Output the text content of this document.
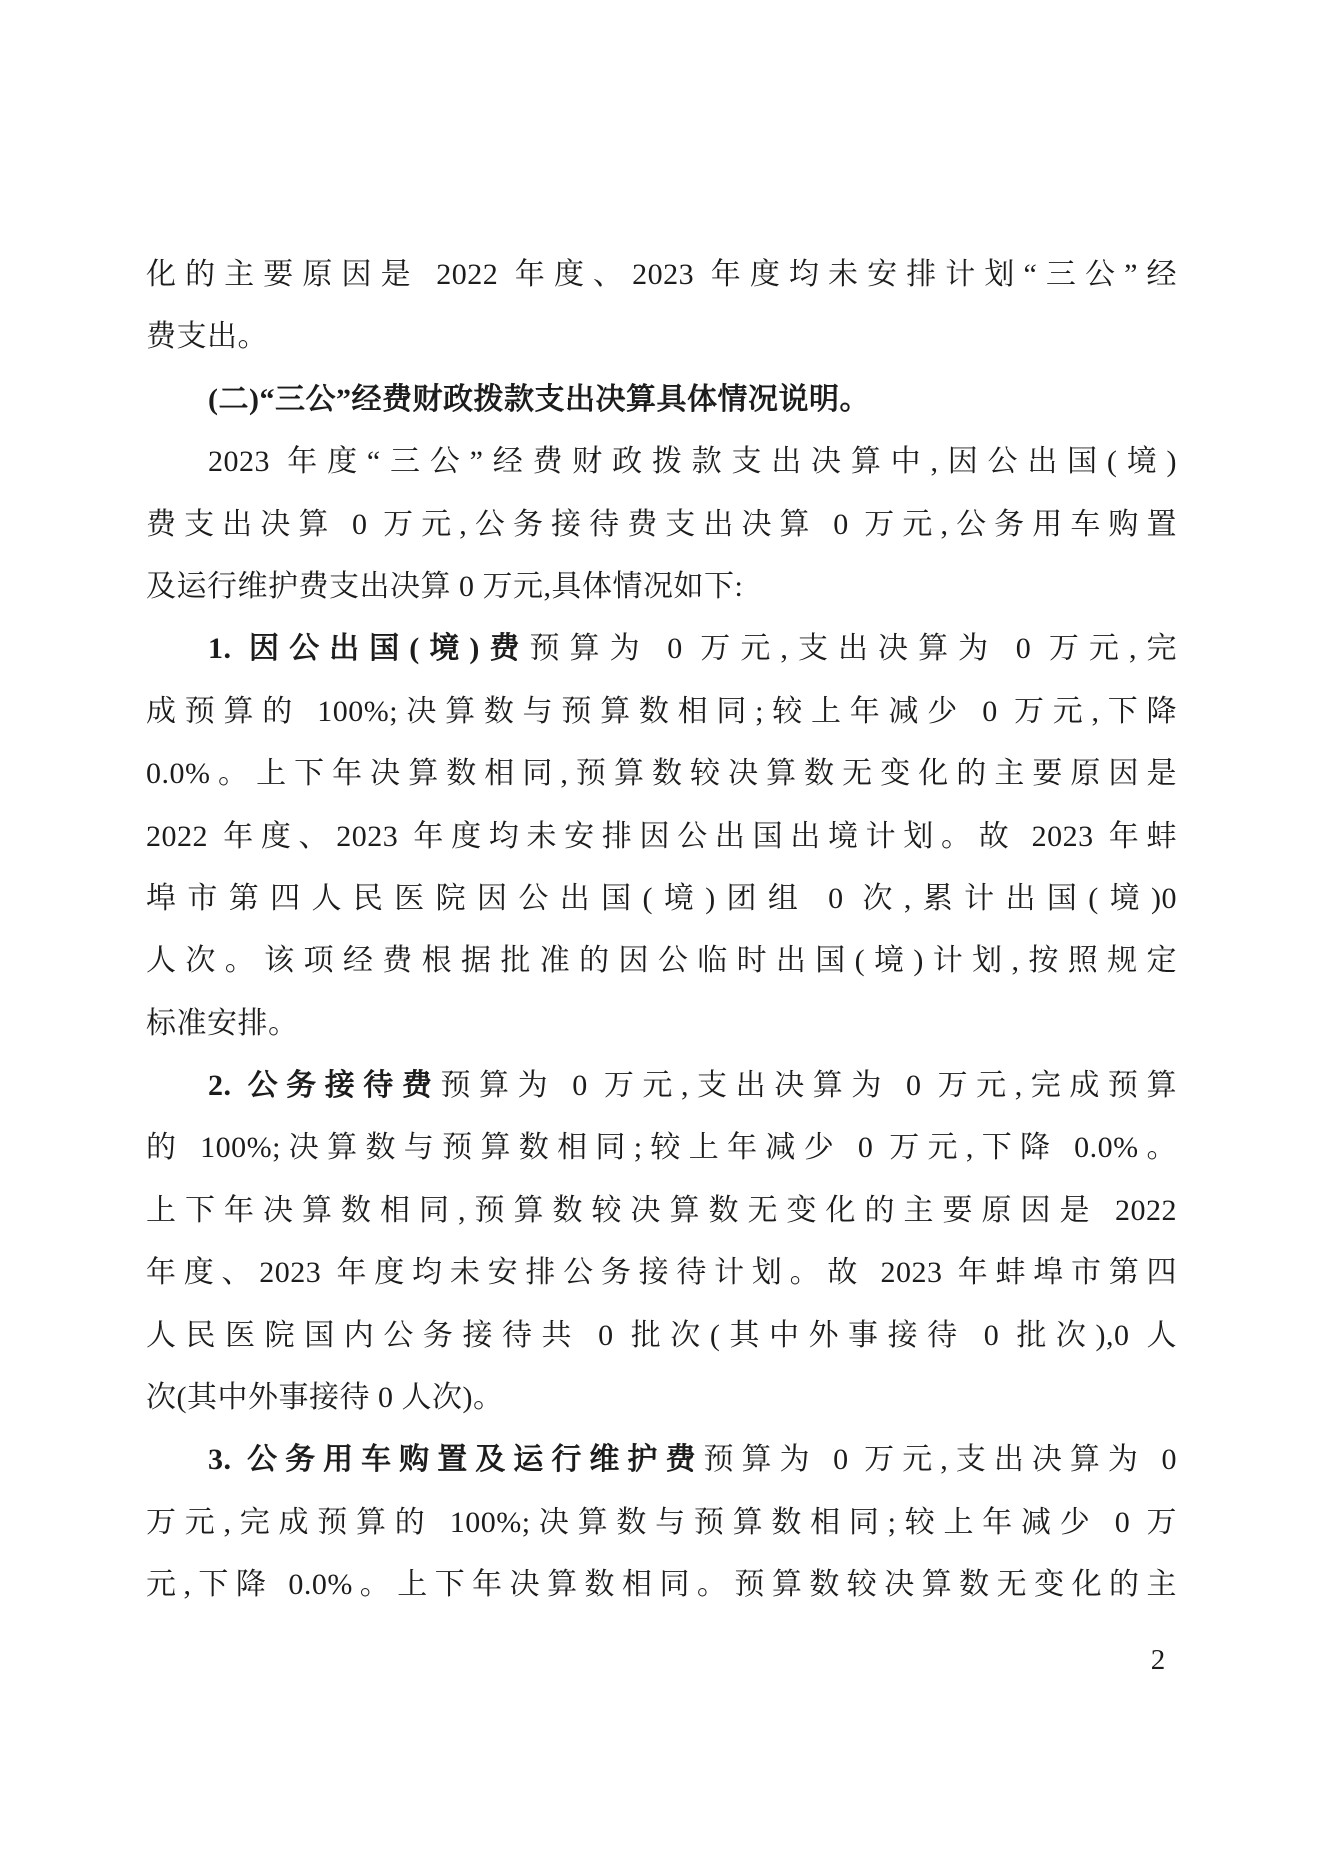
化的主要原因是 2022 年度、2023 年度均未安排计划“三公”经
费支出。
(二)“三公”经费财政拨款支出决算具体情况说明。
2023 年度“三公”经费财政拨款支出决算中,因公出国(境)
费支出决算 0 万元,公务接待费支出决算 0 万元,公务用车购置
及运行维护费支出决算 0 万元,具体情况如下:
1. 因公出国(境)费预算为 0 万元,支出决算为 0 万元,完
成预算的 100%;决算数与预算数相同;较上年减少 0 万元,下降
0.0%。上下年决算数相同,预算数较决算数无变化的主要原因是
2022 年度、2023 年度均未安排因公出国出境计划。故 2023 年蚌
埠市第四人民医院因公出国(境)团组 0 次,累计出国(境)0
人次。该项经费根据批准的因公临时出国(境)计划,按照规定
标准安排。
2. 公务接待费预算为 0 万元,支出决算为 0 万元,完成预算
的 100%;决算数与预算数相同;较上年减少 0 万元,下降 0.0%。
上下年决算数相同,预算数较决算数无变化的主要原因是 2022
年度、2023 年度均未安排公务接待计划。故 2023 年蚌埠市第四
人民医院国内公务接待共 0 批次(其中外事接待 0 批次),0 人
次(其中外事接待 0 人次)。
3. 公务用车购置及运行维护费预算为 0 万元,支出决算为 0
万元,完成预算的 100%;决算数与预算数相同;较上年减少 0 万
元,下降 0.0%。上下年决算数相同。预算数较决算数无变化的主
2
